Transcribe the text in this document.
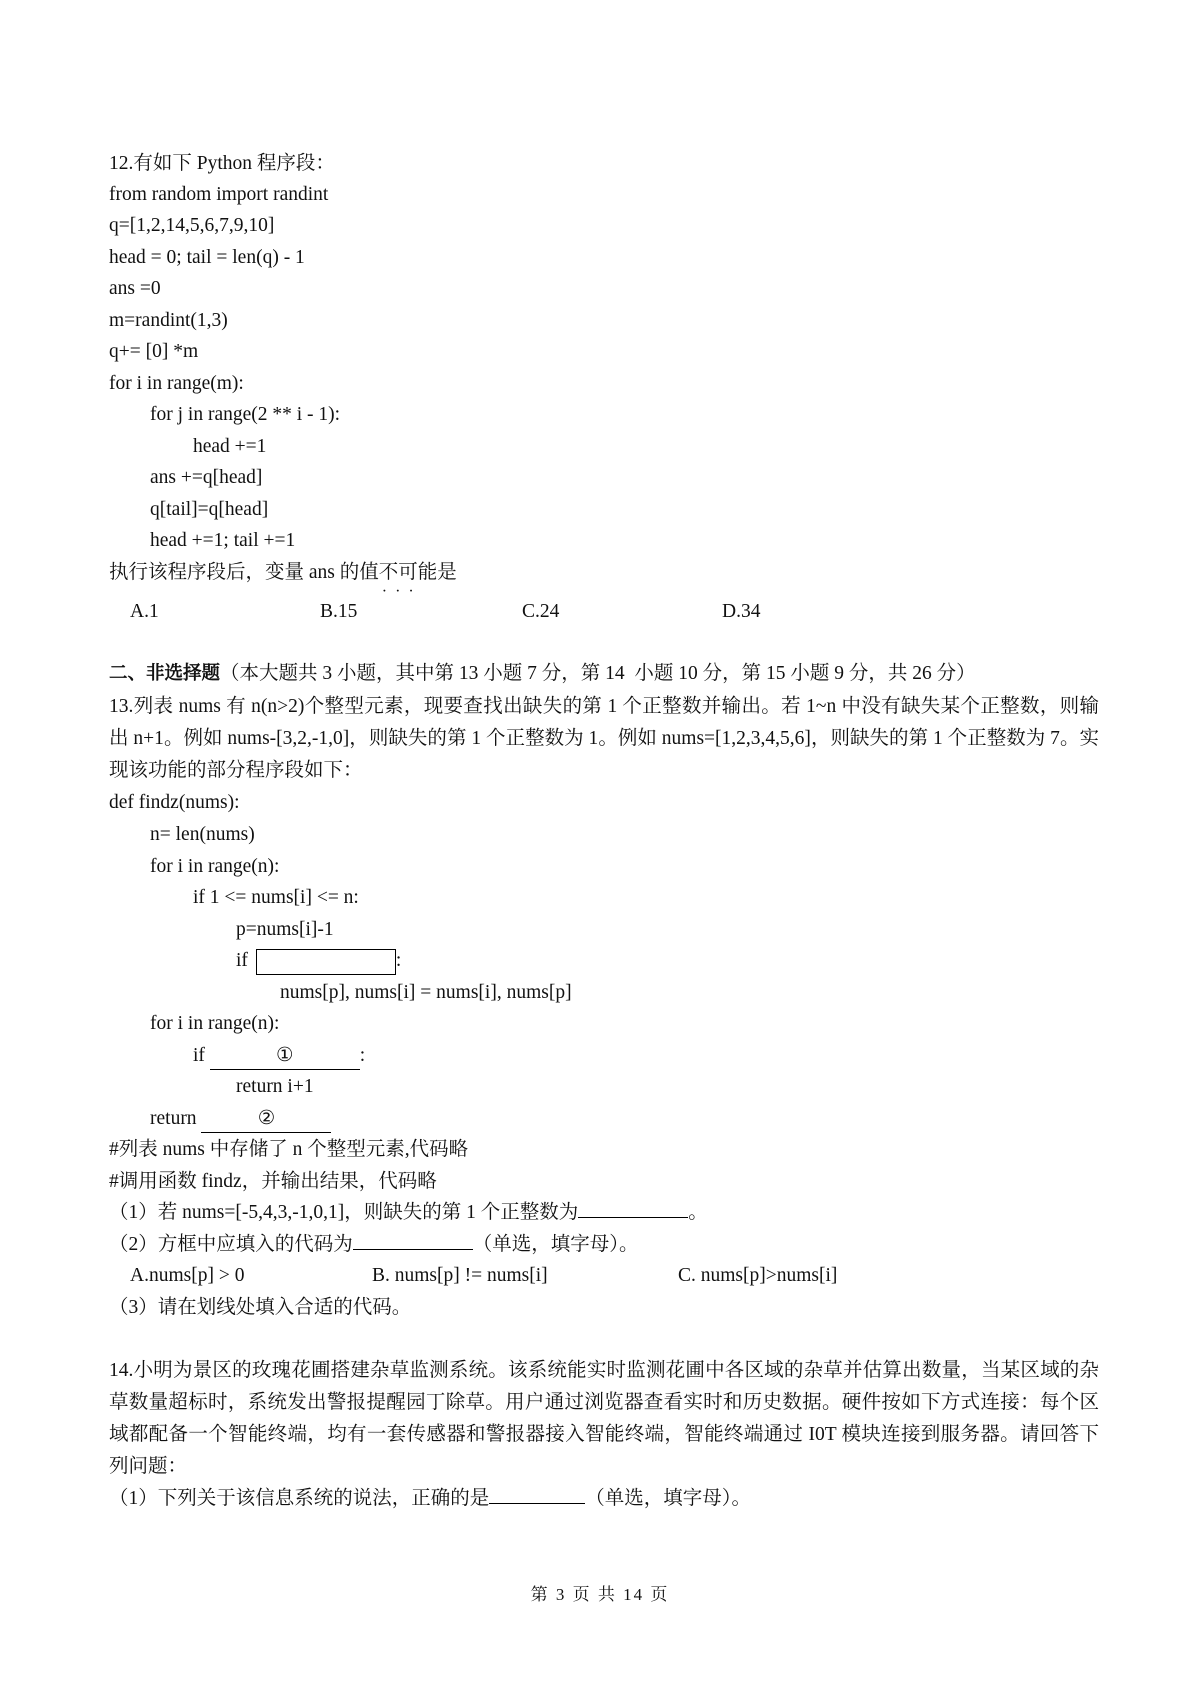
12.有如下 Python 程序段：
from random import randint
q=[1,2,14,5,6,7,9,10]
head = 0; tail = len(q) - 1
ans =0
m=randint(1,3)
q+= [0] *m
for i in range(m):
for j in range(2 ** i - 1):
head +=1
ans +=q[head]
q[tail]=q[head]
head +=1; tail +=1
执行该程序段后，变量 ans 的值不可能 · · ·是
A.1	B.15	C.24	D.34
二、非选择题（本大题共 3 小题，其中第 13 小题 7 分，第 14  小题 10 分，第 15 小题 9 分，共 26 分）
13.列表 nums 有 n(n>2)个整型元素，现要查找出缺失的第 1 个正整数并输出。若 1~n 中没有缺失某个正整数，则输出 n+1。例如 nums-[3,2,-1,0]，则缺失的第 1 个正整数为 1。例如 nums=[1,2,3,4,5,6]，则缺失的第 1 个正整数为 7。实现该功能的部分程序段如下：
def findz(nums):
n= len(nums)
for i in range(n):
if 1 <= nums[i] <= n:
p=nums[i]-1
if	:
nums[p], nums[i] = nums[i], nums[p]
for i in range(n):
if	①	:
return i+1
return	②
#列表 nums 中存储了 n 个整型元素,代码略
#调用函数 findz，并输出结果，代码略
（1）若 nums=[-5,4,3,-1,0,1]，则缺失的第 1 个正整数为	。
（2）方框中应填入的代码为	（单选，填字母）。
A.nums[p] > 0	B. nums[p] != nums[i]	C. nums[p]>nums[i]
（3）请在划线处填入合适的代码。
14.小明为景区的玫瑰花圃搭建杂草监测系统。该系统能实时监测花圃中各区域的杂草并估算出数量，当某区域的杂草数量超标时，系统发出警报提醒园丁除草。用户通过浏览器查看实时和历史数据。硬件按如下方式连接：每个区域都配备一个智能终端，均有一套传感器和警报器接入智能终端，智能终端通过 I0T 模块连接到服务器。请回答下列问题：
（1）下列关于该信息系统的说法，正确的是	（单选，填字母）。
第 3 页 共 14 页
